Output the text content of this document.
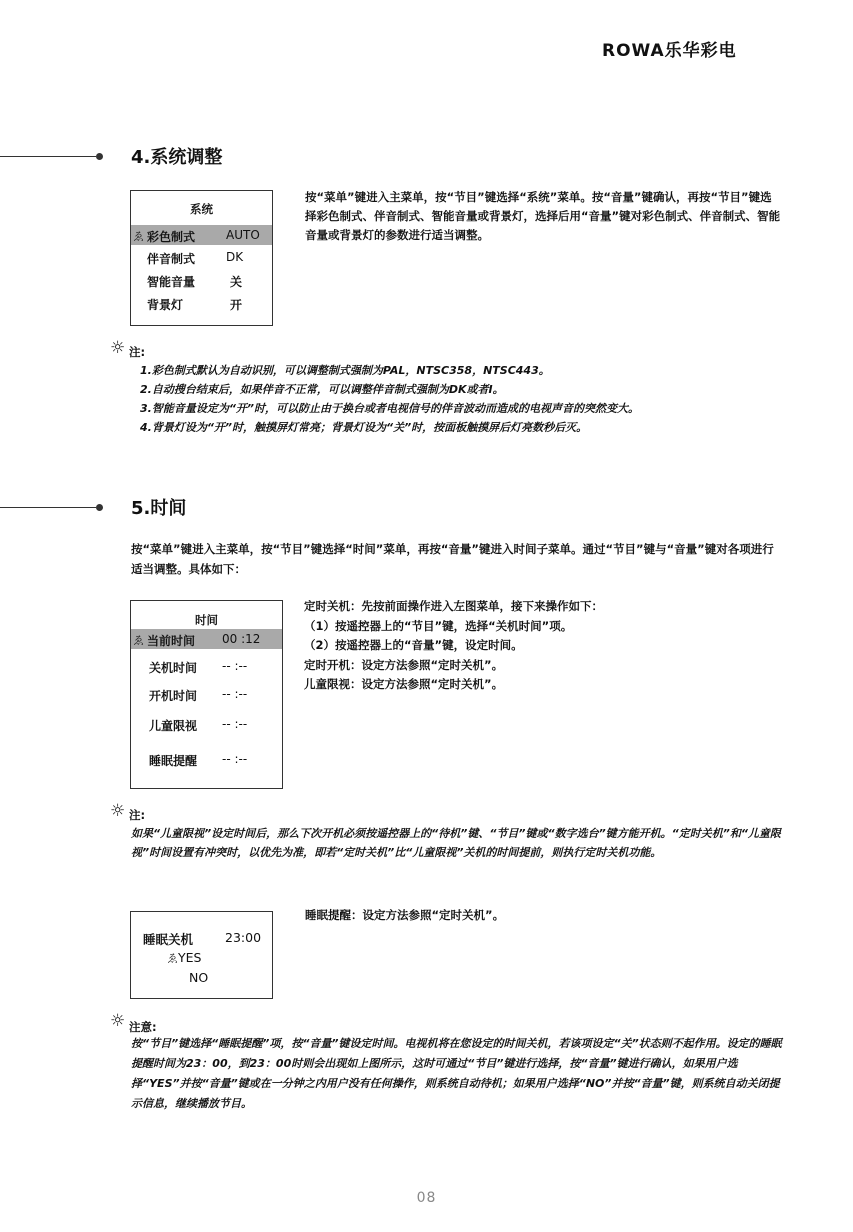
ROWA乐华彩电
4.系统调整
系统
ゑ 彩色制式	AUTO
伴音制式	DK
智能音量	关
背景灯	开
按“菜单”键进入主菜单，按“节目”键选择“系统”菜单。按“音量”键确认，再按“节目”键选择彩色制式、伴音制式、智能音量或背景灯，选择后用“音量”键对彩色制式、伴音制式、智能音量或背景灯的参数进行适当调整。
☼ 注:
1.彩色制式默认为自动识别，可以调整制式强制为PAL，NTSC358，NTSC443。
2.自动搜台结束后，如果伴音不正常，可以调整伴音制式强制为DK或者I。
3.智能音量设定为“开”时，可以防止由于换台或者电视信号的伴音波动而造成的电视声音的突然变大。
4.背景灯设为“开”时，触摸屏灯常亮；背景灯设为“关”时，按面板触摸屏后灯亮数秒后灭。
5.时间
按“菜单”键进入主菜单，按“节目”键选择“时间”菜单，再按“音量”键进入时间子菜单。通过“节目”键与“音量”键对各项进行适当调整。具体如下：
时间
ゑ 当前时间 00 :12
关机时间 -- :--
开机时间 -- :--
儿童限视 -- :--
睡眠提醒 -- :--
定时关机：先按前面操作进入左图菜单，接下来操作如下：
（1）按遥控器上的“节目”键，选择“关机时间”项。
（2）按遥控器上的“音量”键，设定时间。
定时开机：设定方法参照“定时关机”。
儿童限视：设定方法参照“定时关机”。
☼ 注:
如果“儿童限视”设定时间后，那么下次开机必须按遥控器上的“待机”键、“节目”键或“数字选台”键方能开机。“定时关机”和“儿童限视”时间设置有冲突时，以优先为准，即若“定时关机”比“儿童限视”关机的时间提前，则执行定时关机功能。
睡眠关机	23:00
ゑ YES
NO
睡眠提醒：设定方法参照“定时关机”。
☼ 注意:
按“节目”键选择“睡眠提醒”项，按“音量”键设定时间。电视机将在您设定的时间关机，若该项设定“关”状态则不起作用。设定的睡眠提醒时间为23：00，到23：00时则会出现如上图所示，这时可通过“节目”键进行选择，按“音量”键进行确认，如果用户选择“YES”并按“音量”键或在一分钟之内用户没有任何操作，则系统自动待机；如果用户选择“NO”并按“音量”键，则系统自动关闭提示信息，继续播放节目。
08
